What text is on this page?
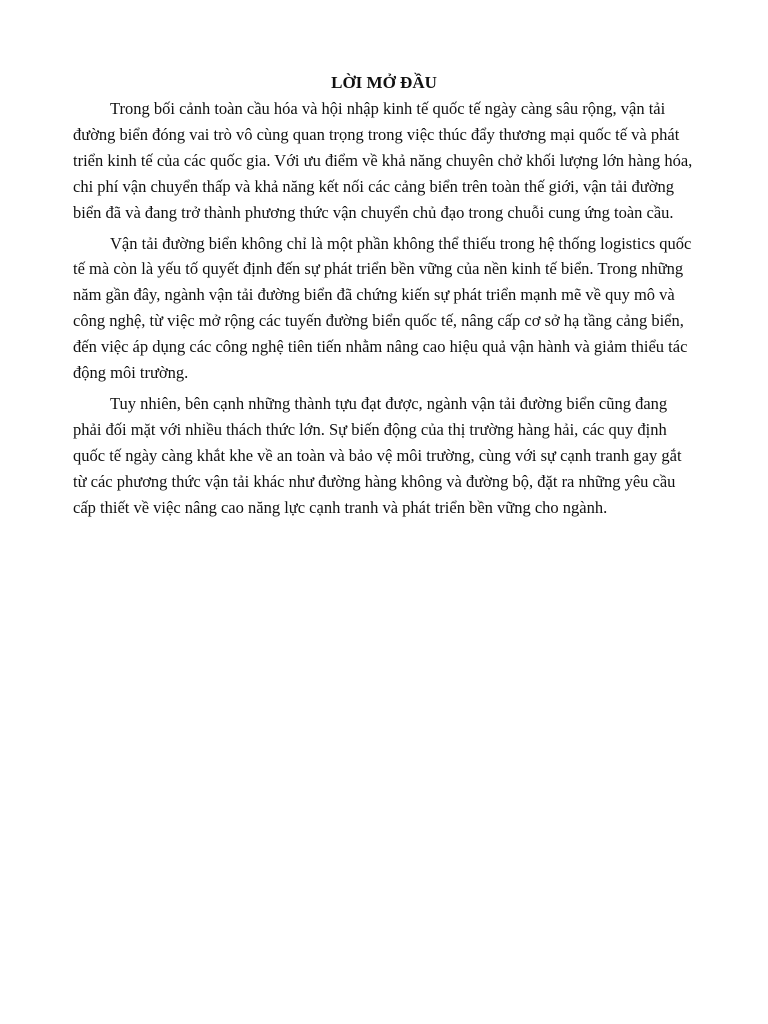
LỜI MỞ ĐẦU

Trong bối cảnh toàn cầu hóa và hội nhập kinh tế quốc tế ngày càng sâu rộng, vận tải đường biển đóng vai trò vô cùng quan trọng trong việc thúc đẩy thương mại quốc tế và phát triển kinh tế của các quốc gia. Với ưu điểm về khả năng chuyên chở khối lượng lớn hàng hóa, chi phí vận chuyển thấp và khả năng kết nối các cảng biển trên toàn thế giới, vận tải đường biển đã và đang trở thành phương thức vận chuyển chủ đạo trong chuỗi cung ứng toàn cầu.

Vận tải đường biển không chỉ là một phần không thể thiếu trong hệ thống logistics quốc tế mà còn là yếu tố quyết định đến sự phát triển bền vững của nền kinh tế biển. Trong những năm gần đây, ngành vận tải đường biển đã chứng kiến sự phát triển mạnh mẽ về quy mô và công nghệ, từ việc mở rộng các tuyến đường biển quốc tế, nâng cấp cơ sở hạ tầng cảng biển, đến việc áp dụng các công nghệ tiên tiến nhằm nâng cao hiệu quả vận hành và giảm thiểu tác động môi trường.

Tuy nhiên, bên cạnh những thành tựu đạt được, ngành vận tải đường biển cũng đang phải đối mặt với nhiều thách thức lớn. Sự biến động của thị trường hàng hải, các quy định quốc tế ngày càng khắt khe về an toàn và bảo vệ môi trường, cùng với sự cạnh tranh gay gắt từ các phương thức vận tải khác như đường hàng không và đường bộ, đặt ra những yêu cầu cấp thiết về việc nâng cao năng lực cạnh tranh và phát triển bền vững cho ngành.
